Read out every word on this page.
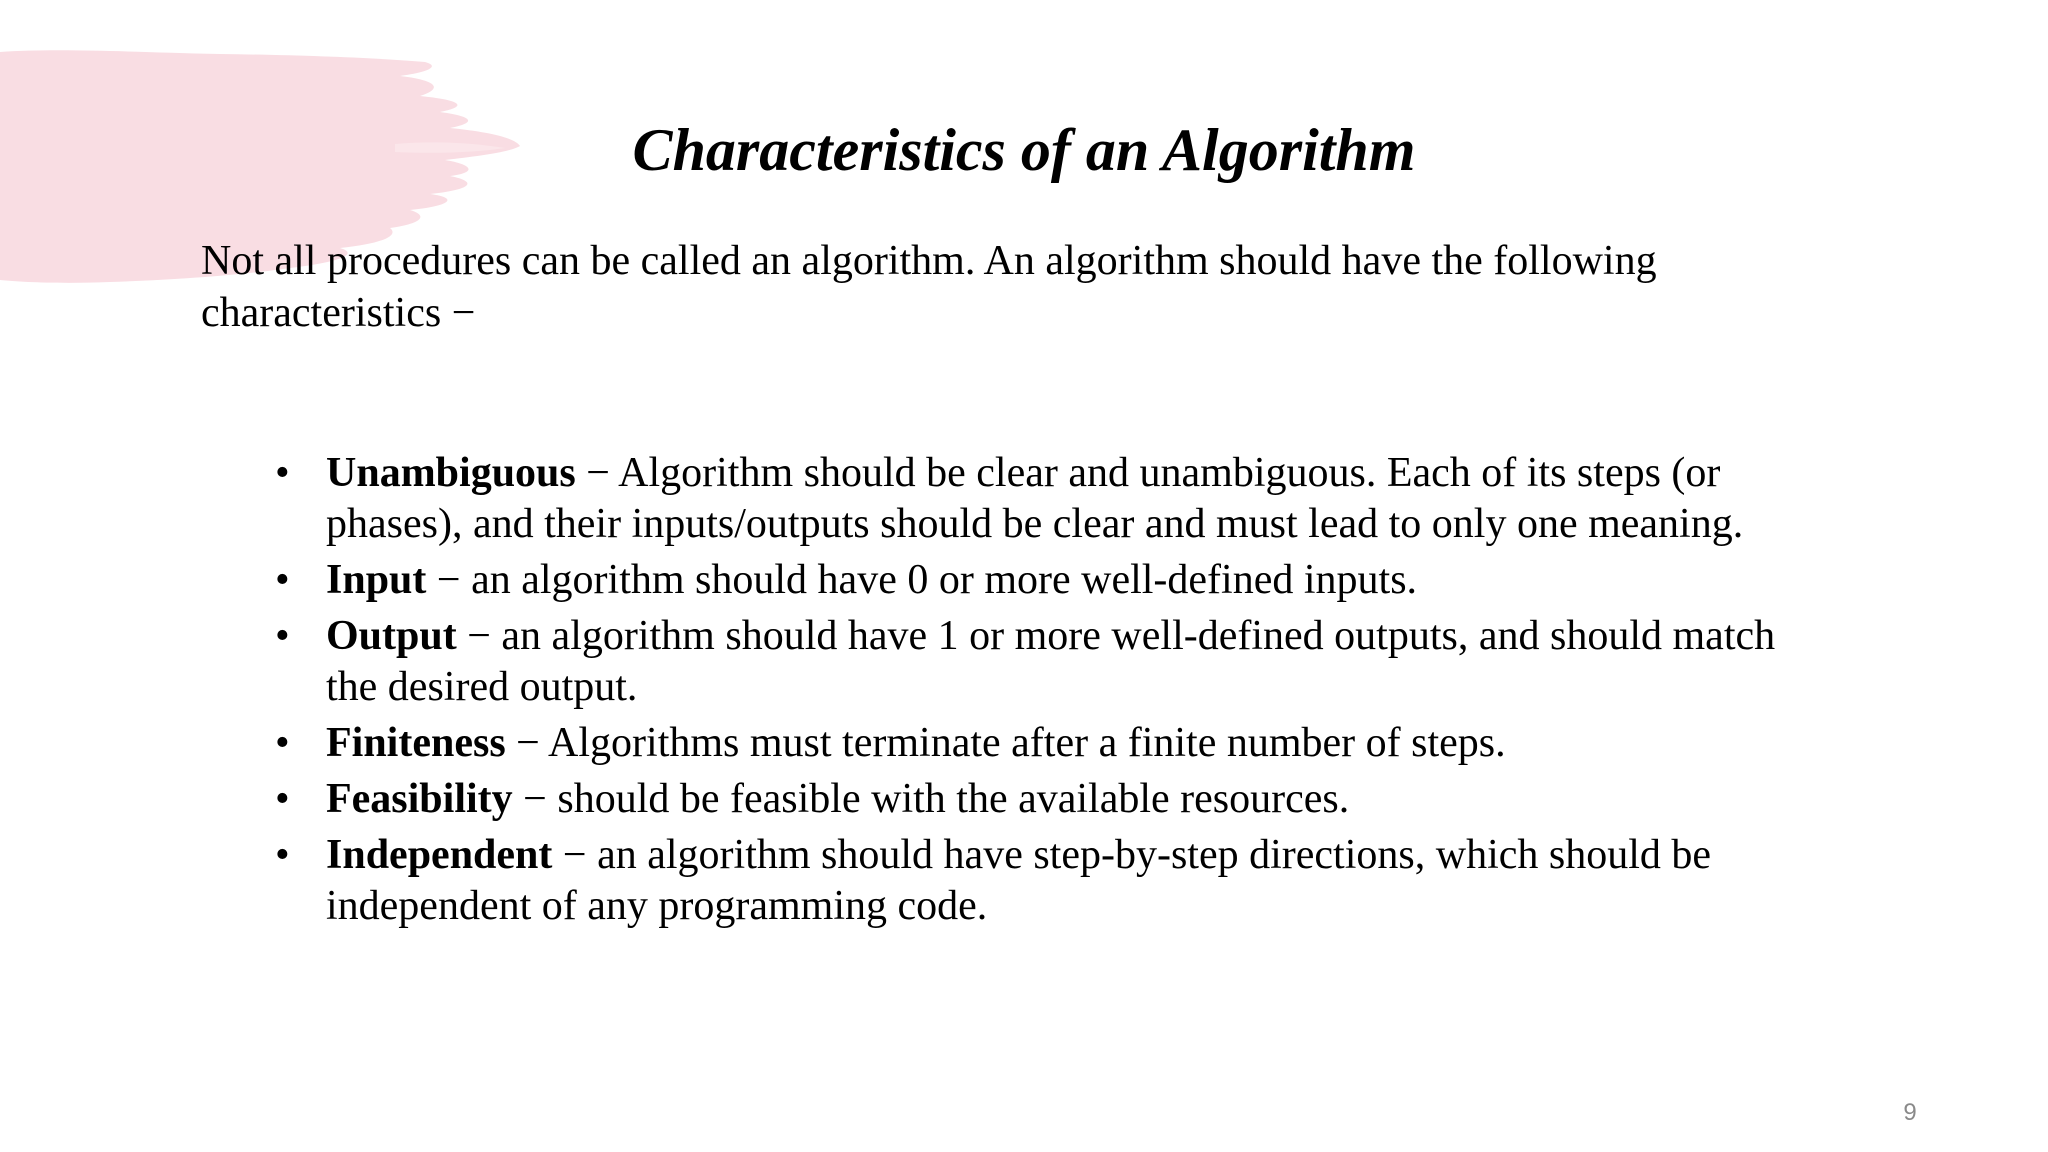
Characteristics of an Algorithm

Not all procedures can be called an algorithm. An algorithm should have the following characteristics −

• Unambiguous − Algorithm should be clear and unambiguous. Each of its steps (or phases), and their inputs/outputs should be clear and must lead to only one meaning.
• Input − an algorithm should have 0 or more well-defined inputs.
• Output − an algorithm should have 1 or more well-defined outputs, and should match the desired output.
• Finiteness − Algorithms must terminate after a finite number of steps.
• Feasibility − should be feasible with the available resources.
• Independent − an algorithm should have step-by-step directions, which should be independent of any programming code.
9
